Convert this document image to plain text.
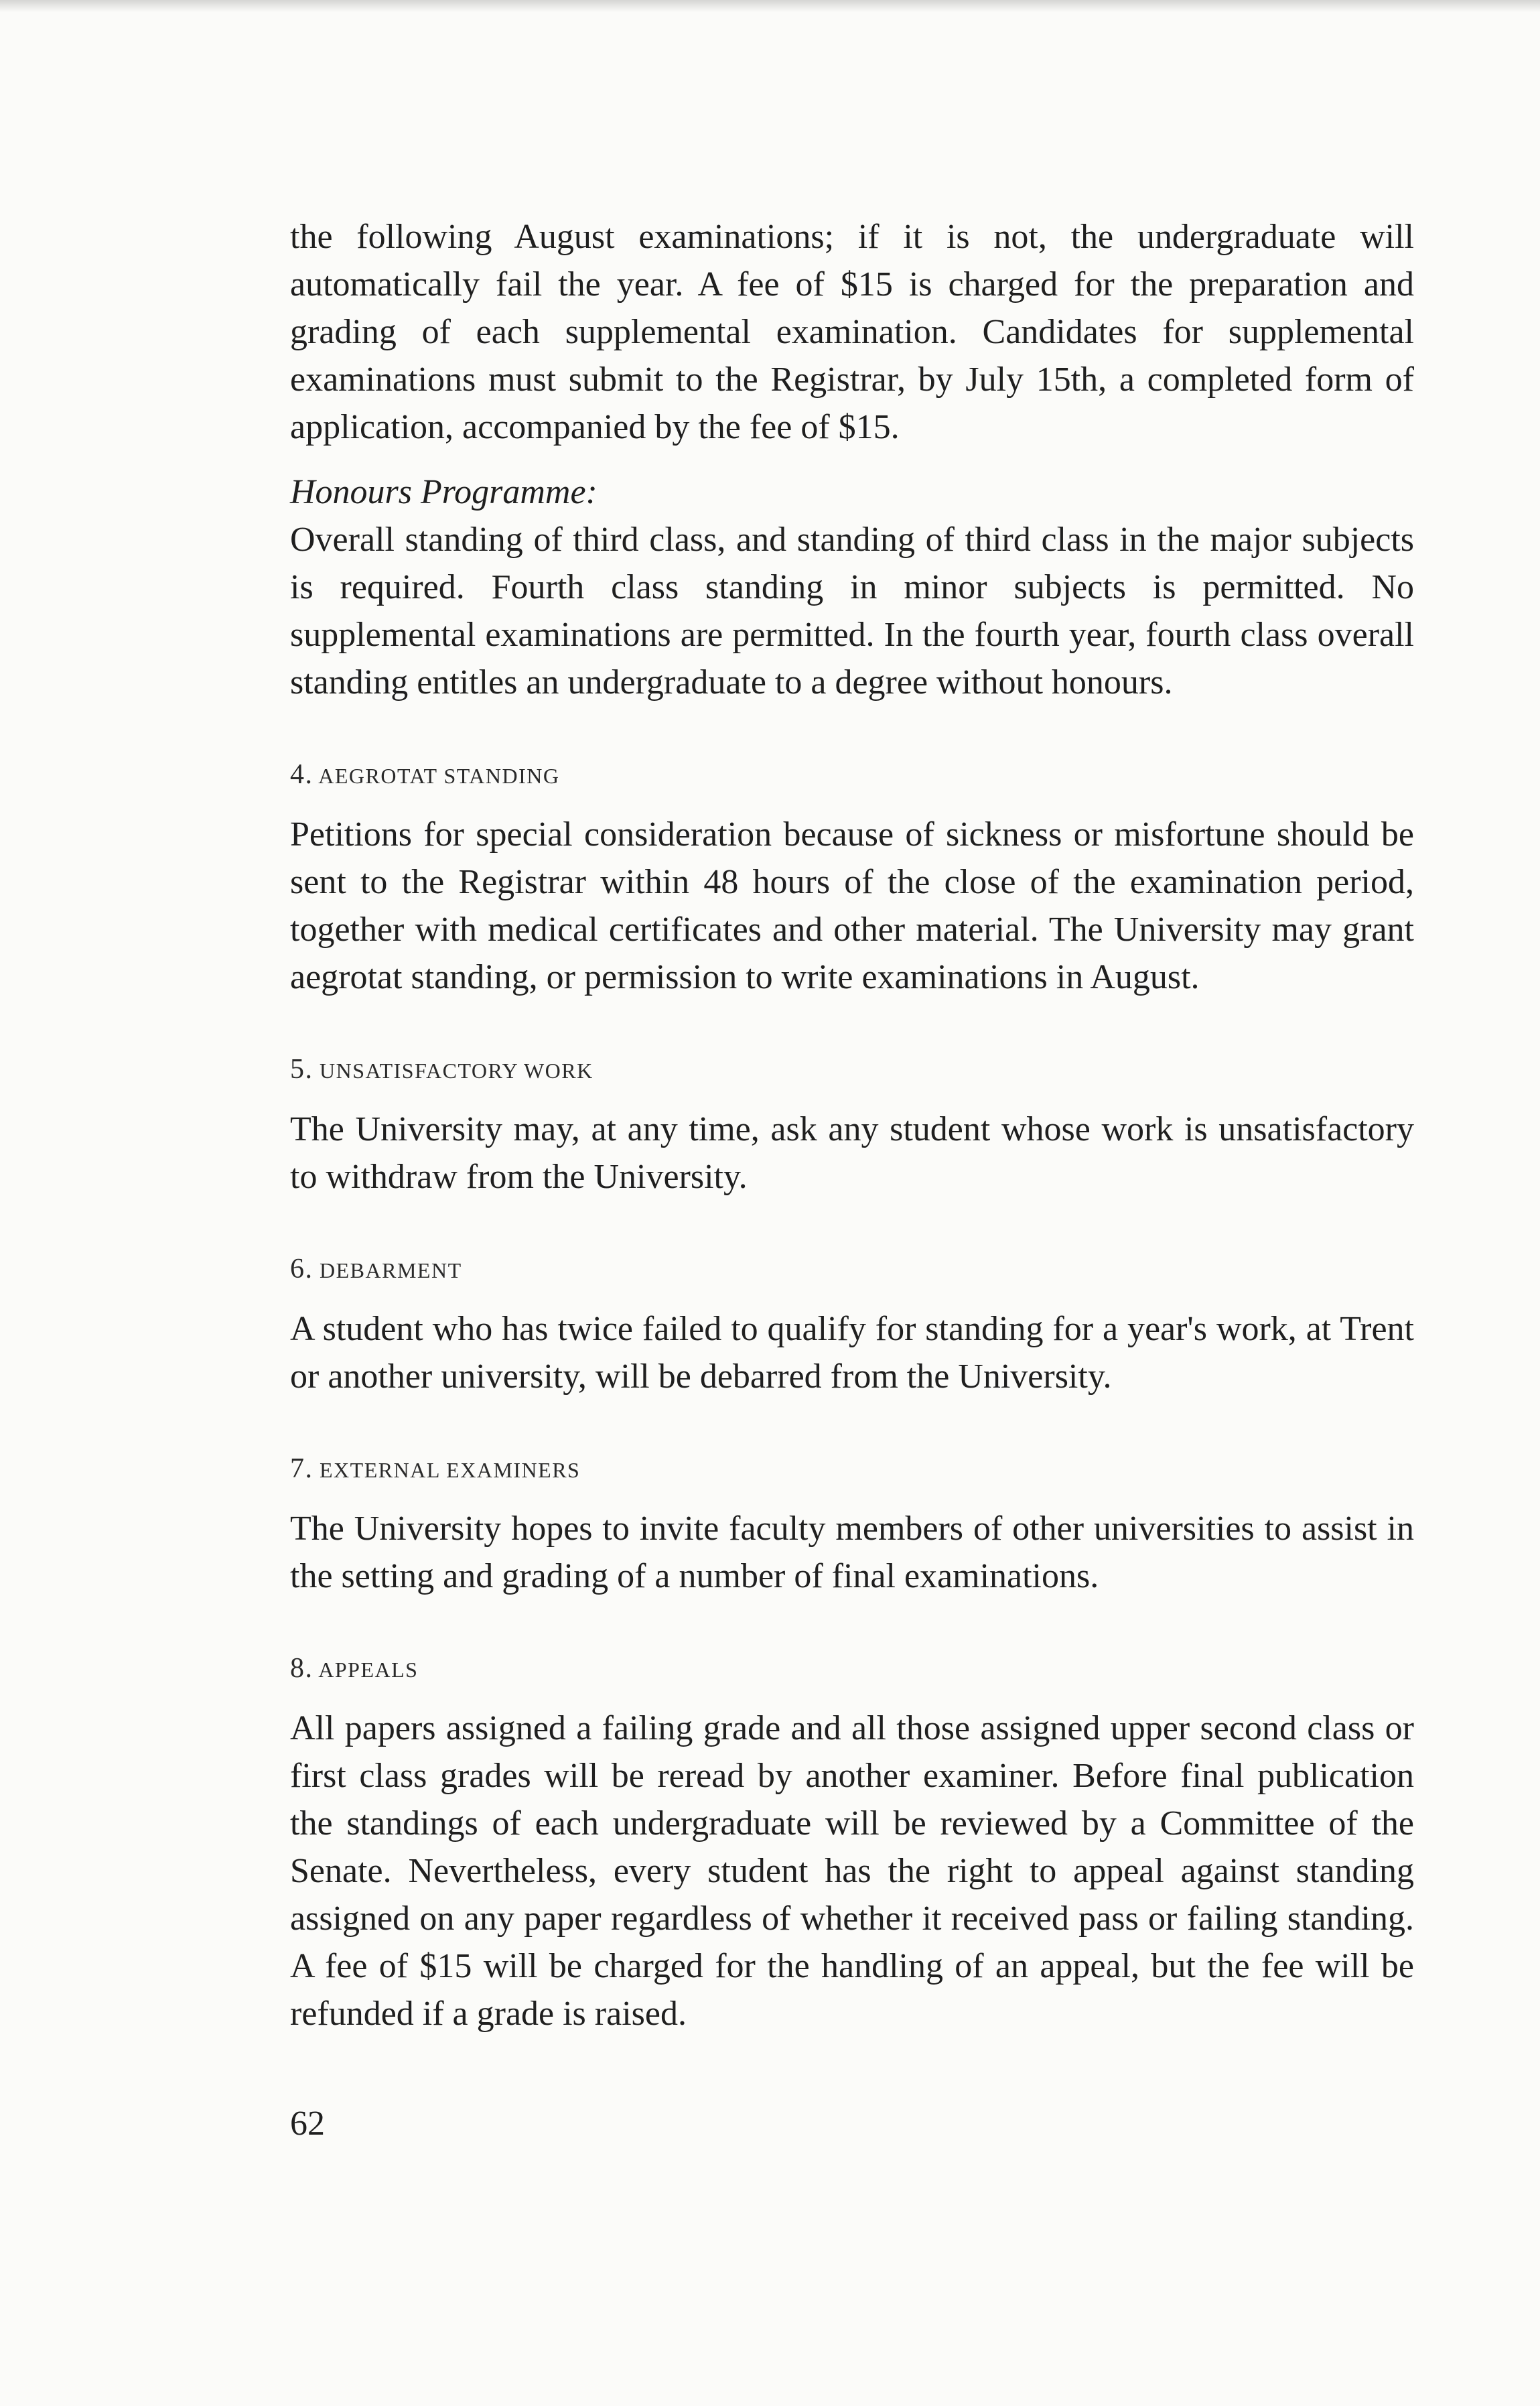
the following August examinations; if it is not, the undergraduate will automatically fail the year. A fee of $15 is charged for the preparation and grading of each supplemental examination. Candidates for supplemental examinations must submit to the Registrar, by July 15th, a completed form of application, accompanied by the fee of $15.

Honours Programme:

Overall standing of third class, and standing of third class in the major subjects is required. Fourth class standing in minor subjects is permitted. No supplemental examinations are permitted. In the fourth year, fourth class overall standing entitles an undergraduate to a degree without honours.

4. AEGROTAT STANDING

Petitions for special consideration because of sickness or misfortune should be sent to the Registrar within 48 hours of the close of the examination period, together with medical certificates and other material. The University may grant aegrotat standing, or permission to write examinations in August.

5. UNSATISFACTORY WORK

The University may, at any time, ask any student whose work is unsatisfactory to withdraw from the University.

6. DEBARMENT

A student who has twice failed to qualify for standing for a year's work, at Trent or another university, will be debarred from the University.

7. EXTERNAL EXAMINERS

The University hopes to invite faculty members of other universities to assist in the setting and grading of a number of final examinations.

8. APPEALS

All papers assigned a failing grade and all those assigned upper second class or first class grades will be reread by another examiner. Before final publication the standings of each undergraduate will be reviewed by a Committee of the Senate. Nevertheless, every student has the right to appeal against standing assigned on any paper regardless of whether it received pass or failing standing. A fee of $15 will be charged for the handling of an appeal, but the fee will be refunded if a grade is raised.

62
